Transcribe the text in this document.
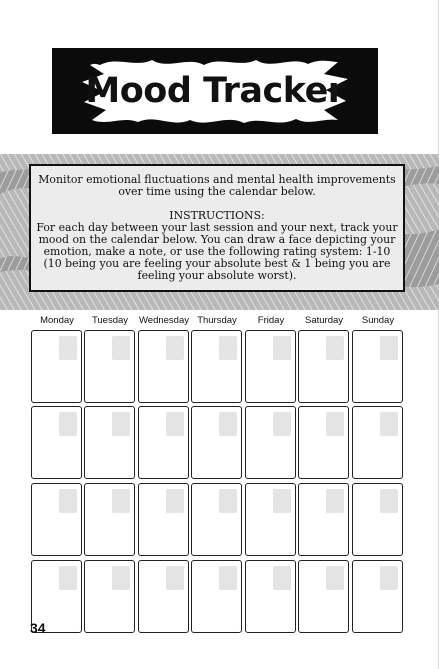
Mood Tracker

Monitor emotional fluctuations and mental health improvements over time using the calendar below.

INSTRUCTIONS:

For each day between your last session and your next, track your mood on the calendar below. You can draw a face depicting your emotion, make a note, or use the following rating system: 1-10 (10 being you are feeling your absolute best & 1 being you are feeling your absolute worst).

Monday	Tuesday	Wednesday Thursday	Friday	Saturday	Sunday
34
